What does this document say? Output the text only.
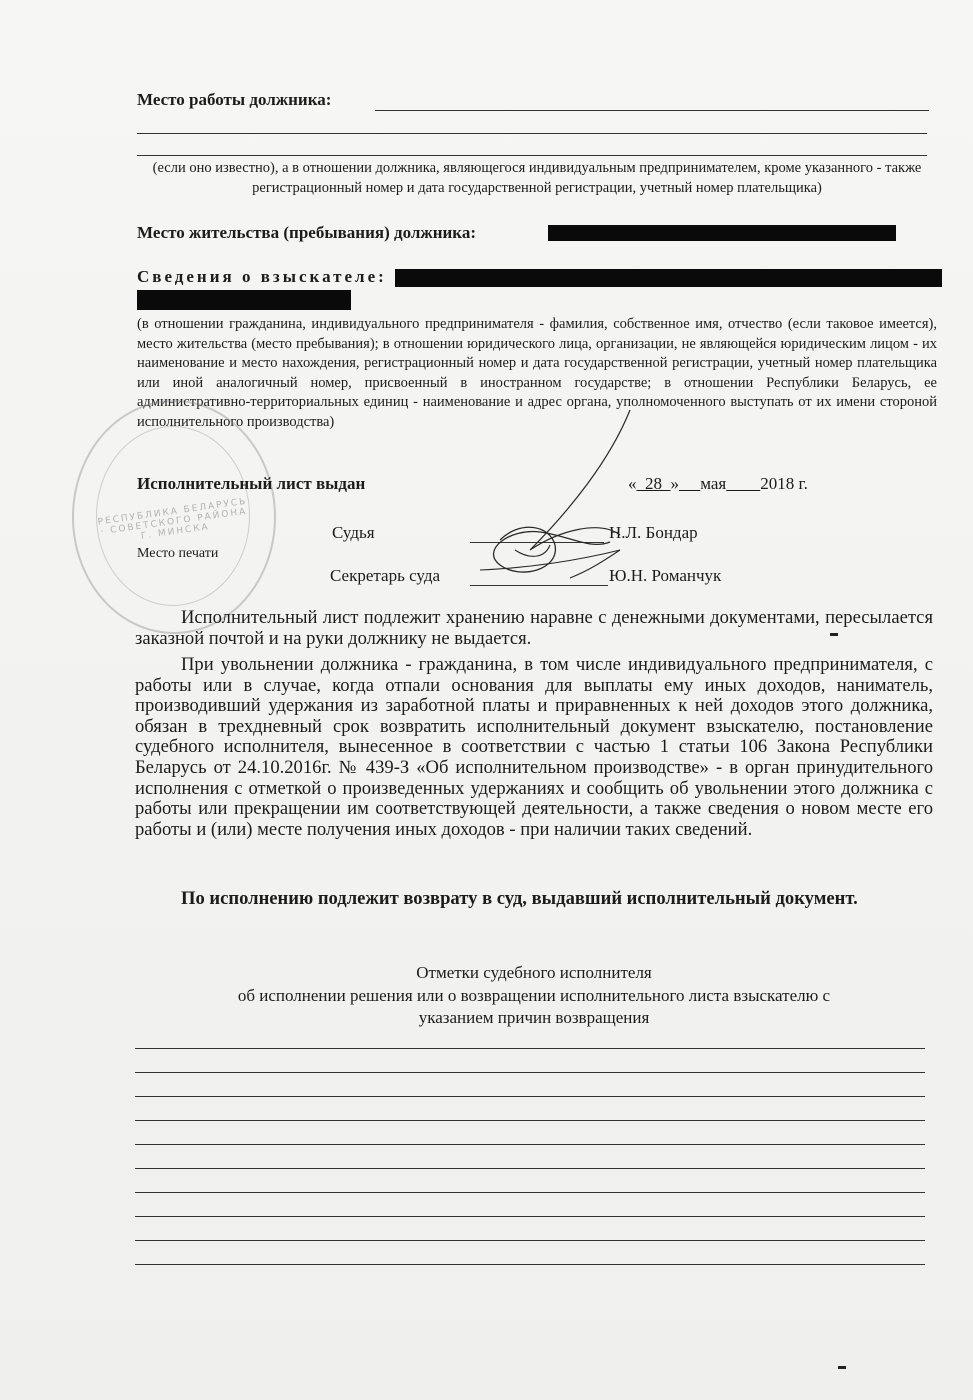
Место работы должника:
(если оно известно), а в отношении должника, являющегося индивидуальным предпринимателем, кроме указанного - также регистрационный номер и дата государственной регистрации, учетный номер плательщика)
Место жительства (пребывания) должника:
Сведения о взыскателе:
(в отношении гражданина, индивидуального предпринимателя - фамилия, собственное имя, отчество (если таковое имеется), место жительства (место пребывания); в отношении юридического лица, организации, не являющейся юридическим лицом - их наименование и место нахождения, регистрационный номер и дата государственной регистрации, учетный номер плательщика или иной аналогичный номер, присвоенный в иностранном государстве; в отношении Республики Беларусь, ее административно-территориальных единиц - наименование и адрес органа, уполномоченного выступать от их имени стороной исполнительного производства)
РЕСПУБЛИКА БЕЛАРУСЬ · СОВЕТСКОГО РАЙОНА Г. МИНСКА
Исполнительный лист выдан	« 28 » мая 2018 г.
Судья	Н.Л. Бондар
Место печати
Секретарь суда	Ю.Н. Романчук
Исполнительный лист подлежит хранению наравне с денежными документами, пересылается заказной почтой и на руки должнику не выдается.
При увольнении должника - гражданина, в том числе индивидуального предпринимателя, с работы или в случае, когда отпали основания для выплаты ему иных доходов, наниматель, производивший удержания из заработной платы и приравненных к ней доходов этого должника, обязан в трехдневный срок возвратить исполнительный документ взыскателю, постановление судебного исполнителя, вынесенное в соответствии с частью 1 статьи 106 Закона Республики Беларусь от 24.10.2016г. № 439-З «Об исполнительном производстве» - в орган принудительного исполнения с отметкой о произведенных удержаниях и сообщить об увольнении этого должника с работы или прекращении им соответствующей деятельности, а также сведения о новом месте его работы и (или) месте получения иных доходов - при наличии таких сведений.
По исполнению подлежит возврату в суд, выдавший исполнительный документ.
Отметки судебного исполнителя
об исполнении решения или о возвращении исполнительного листа взыскателю с
указанием причин возвращения
